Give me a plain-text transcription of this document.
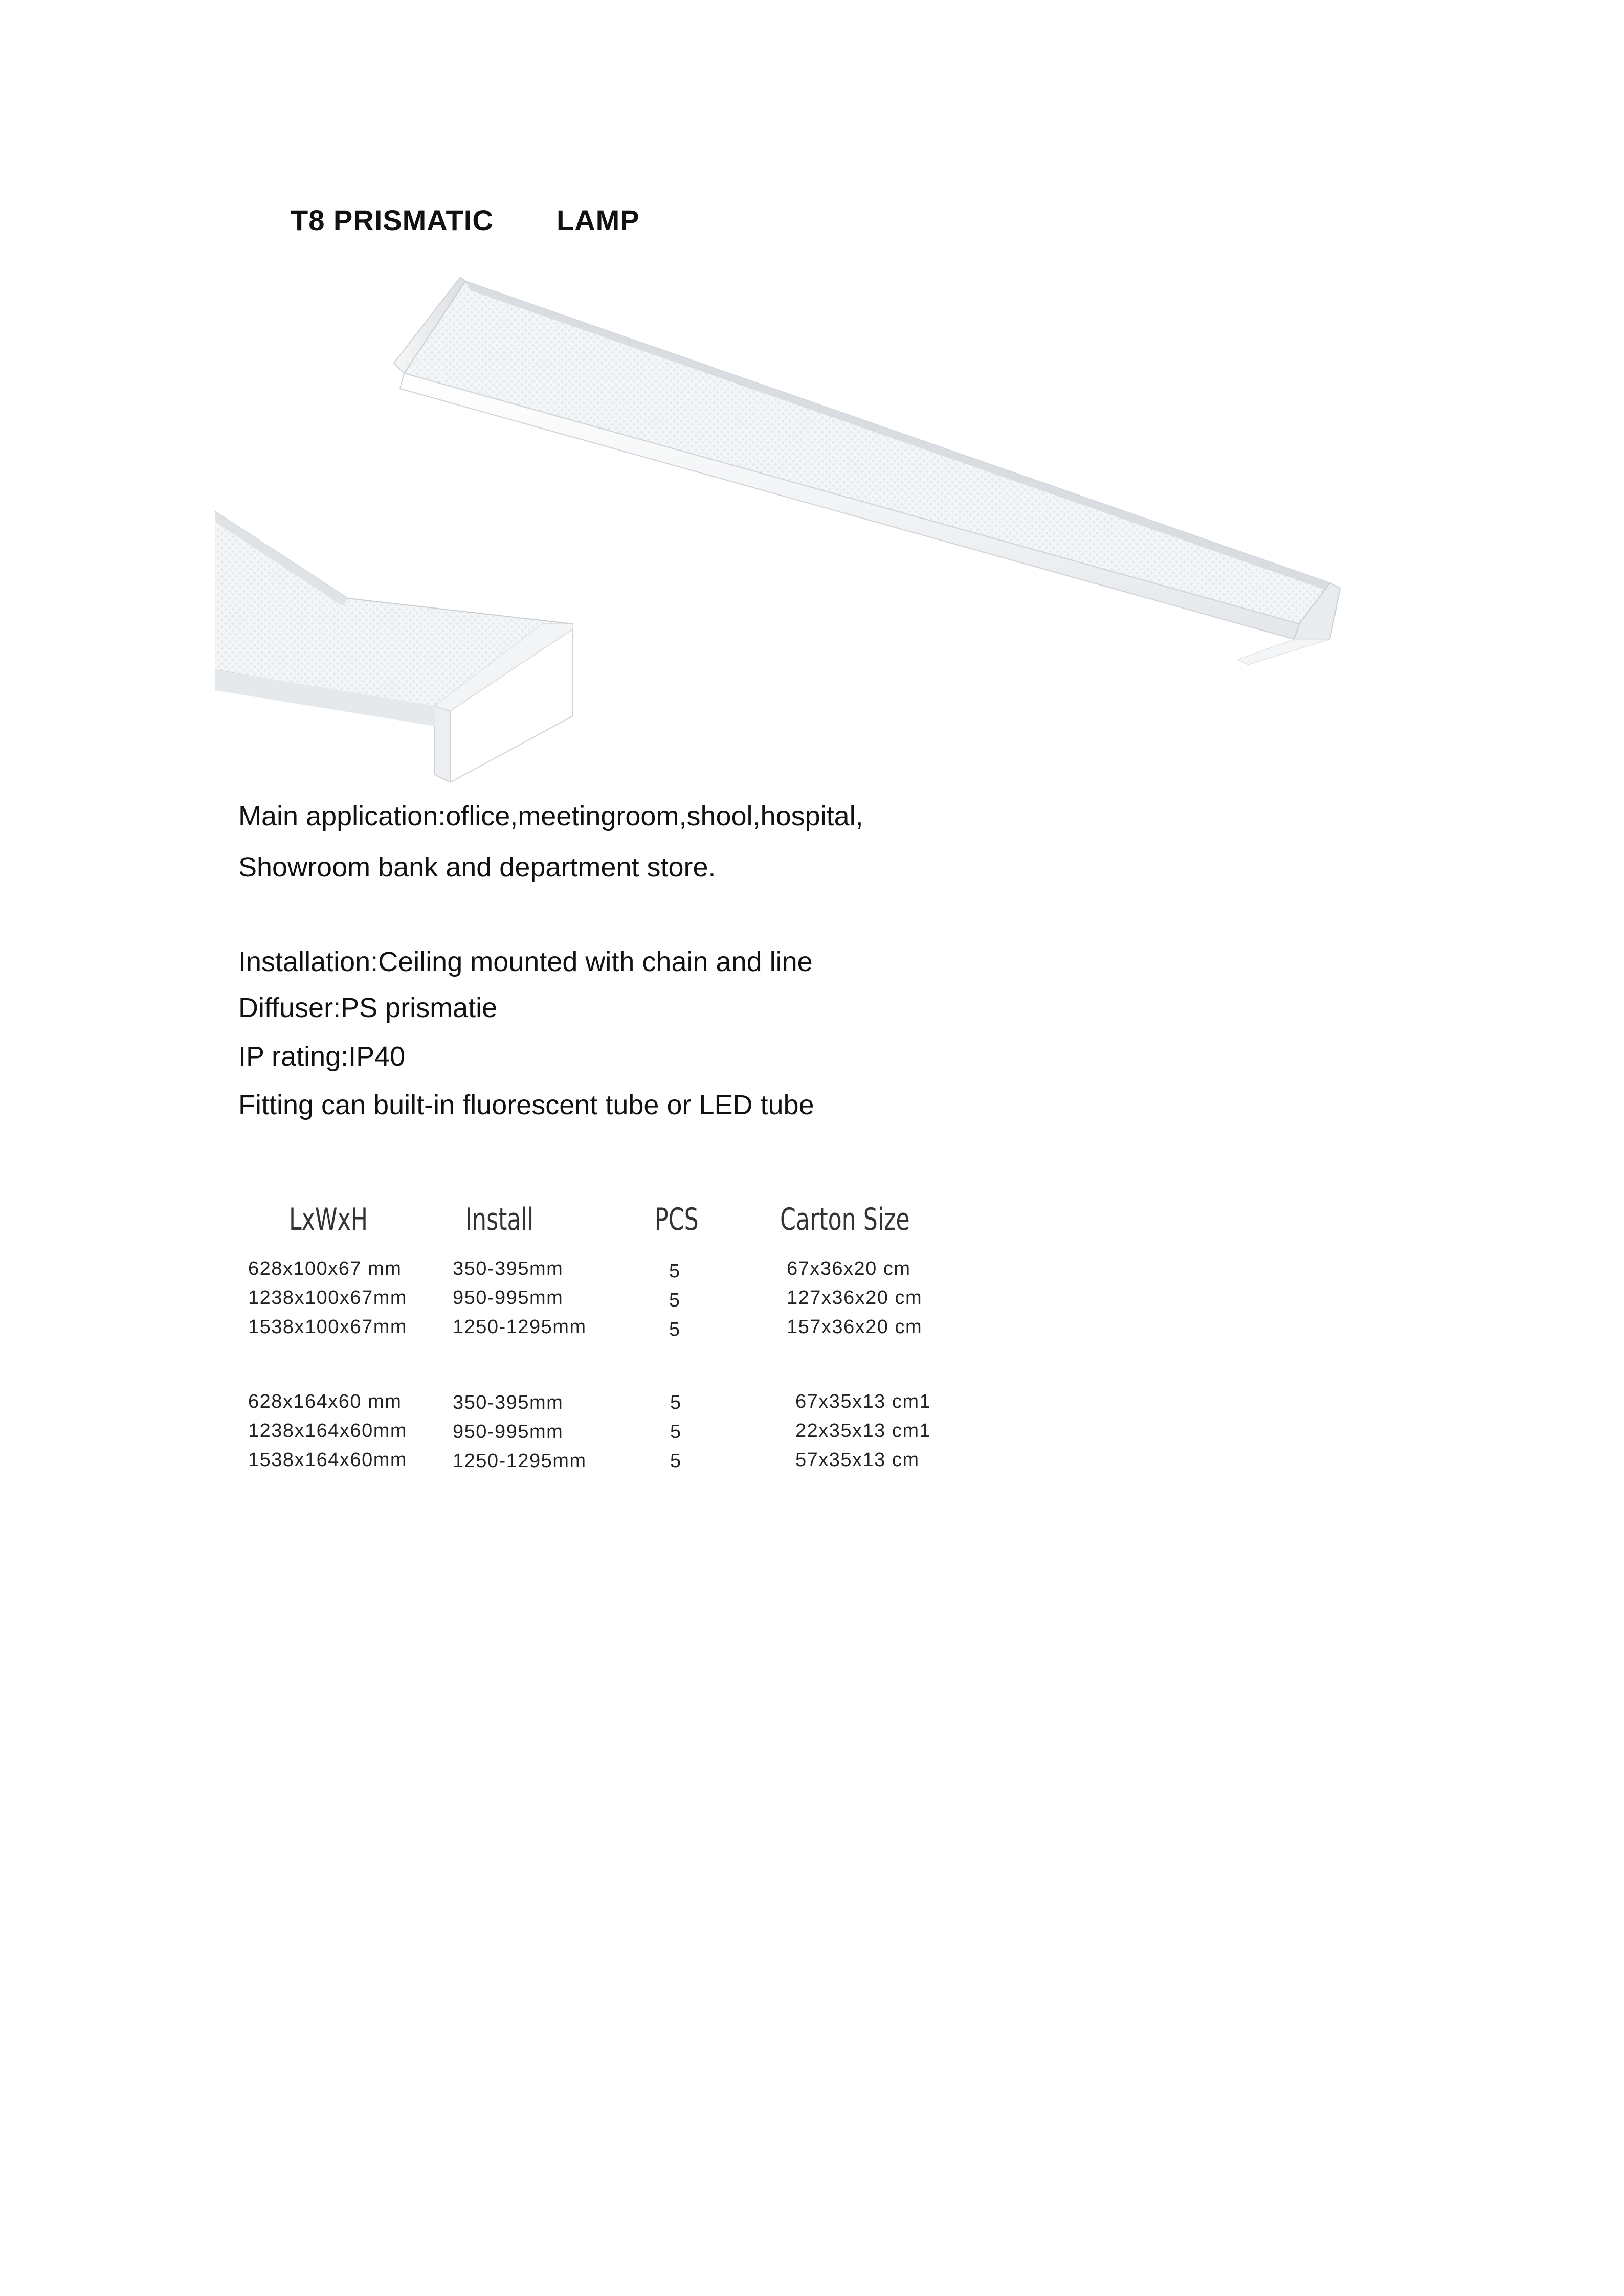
T8 PRISMATIC LAMP
Main application:oflice,meetingroom,shool,hospital,
Showroom bank and department store.
Installation:Ceiling mounted with chain and line
Diffuser:PS prismatie
IP rating:IP40
Fitting can built-in fluorescent tube or LED tube
LxWxH	Install	PCS	Carton Size
628x100x67 mm	350-395mm	5	67x36x20 cm
1238x100x67mm 950-995mm	5	127x36x20 cm
1538x100x67mm 1250-1295mm	5	157x36x20 cm
628x164x60 mm	350-395mm	5	67x35x13 cm1
1238x164x60mm 950-995mm	5	22x35x13 cm1
1538x164x60mm 1250-1295mm	5	57x35x13 cm
